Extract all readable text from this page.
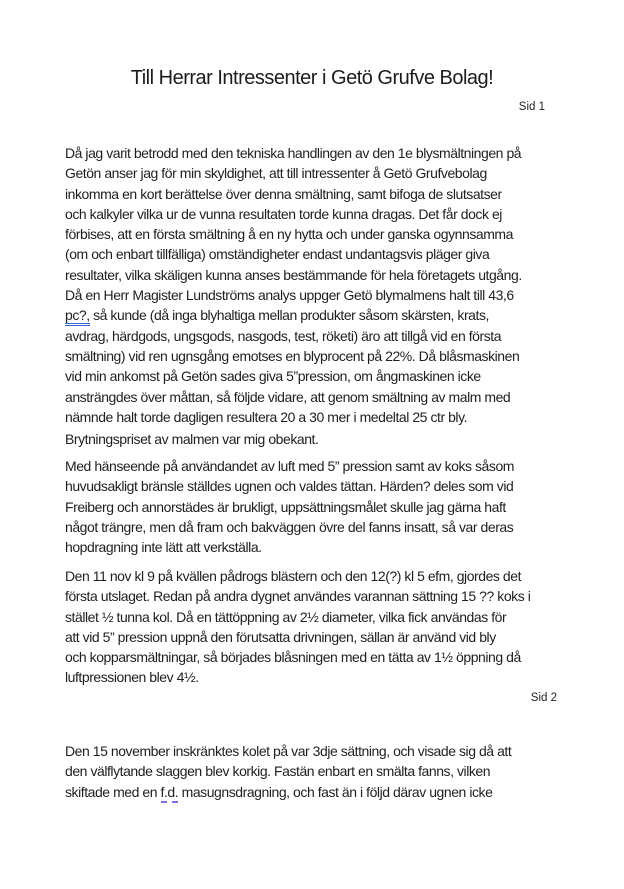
Till Herrar Intressenter i Getö Grufve Bolag!
Sid 1
Då jag varit betrodd med den tekniska handlingen av den 1e blysmältningen på
Getön anser jag för min skyldighet, att till intressenter å Getö Grufvebolag
inkomma en kort berättelse över denna smältning, samt bifoga de slutsatser
och kalkyler vilka ur de vunna resultaten torde kunna dragas. Det får dock ej
förbises, att en första smältning å en ny hytta och under ganska ogynnsamma
(om och enbart tillfälliga) omständigheter endast undantagsvis pläger giva
resultater, vilka skäligen kunna anses bestämmande för hela företagets utgång.
Då en Herr Magister Lundströms analys uppger Getö blymalmens halt till 43,6
pc?, så kunde (då inga blyhaltiga mellan produkter såsom skärsten, krats,
avdrag, härdgods, ungsgods, nasgods, test, röketi) äro att tillgå vid en första
smältning) vid ren ugnsgång emotses en blyprocent på 22%. Då blåsmaskinen
vid min ankomst på Getön sades giva 5”pression, om ångmaskinen icke
ansträngdes över måttan, så följde vidare, att genom smältning av malm med
nämnde halt torde dagligen resultera 20 a 30 mer i medeltal 25 ctr bly.
Brytningspriset av malmen var mig obekant.
Med hänseende på användandet av luft med 5” pression samt av koks såsom
huvudsakligt bränsle ställdes ugnen och valdes tättan. Härden? deles som vid
Freiberg och annorstädes är brukligt, uppsättningsmålet skulle jag gärna haft
något trängre, men då fram och bakväggen övre del fanns insatt, så var deras
hopdragning inte lätt att verkställa.
Den 11 nov kl 9 på kvällen pådrogs blästern och den 12(?) kl 5 efm, gjordes det
första utslaget. Redan på andra dygnet användes varannan sättning 15 ?? koks i
stället ½ tunna kol. Då en tättöppning av 2½ diameter, vilka fick användas för
att vid 5” pression uppnå den förutsatta drivningen, sällan är använd vid bly
och kopparsmältningar, så börjades blåsningen med en tätta av 1½ öppning då
luftpressionen blev 4½.
Sid 2
Den 15 november inskränktes kolet på var 3dje sättning, och visade sig då att
den välflytande slaggen blev korkig. Fastän enbart en smälta fanns, vilken
skiftade med en f.d. masugnsdragning, och fast än i följd därav ugnen icke
